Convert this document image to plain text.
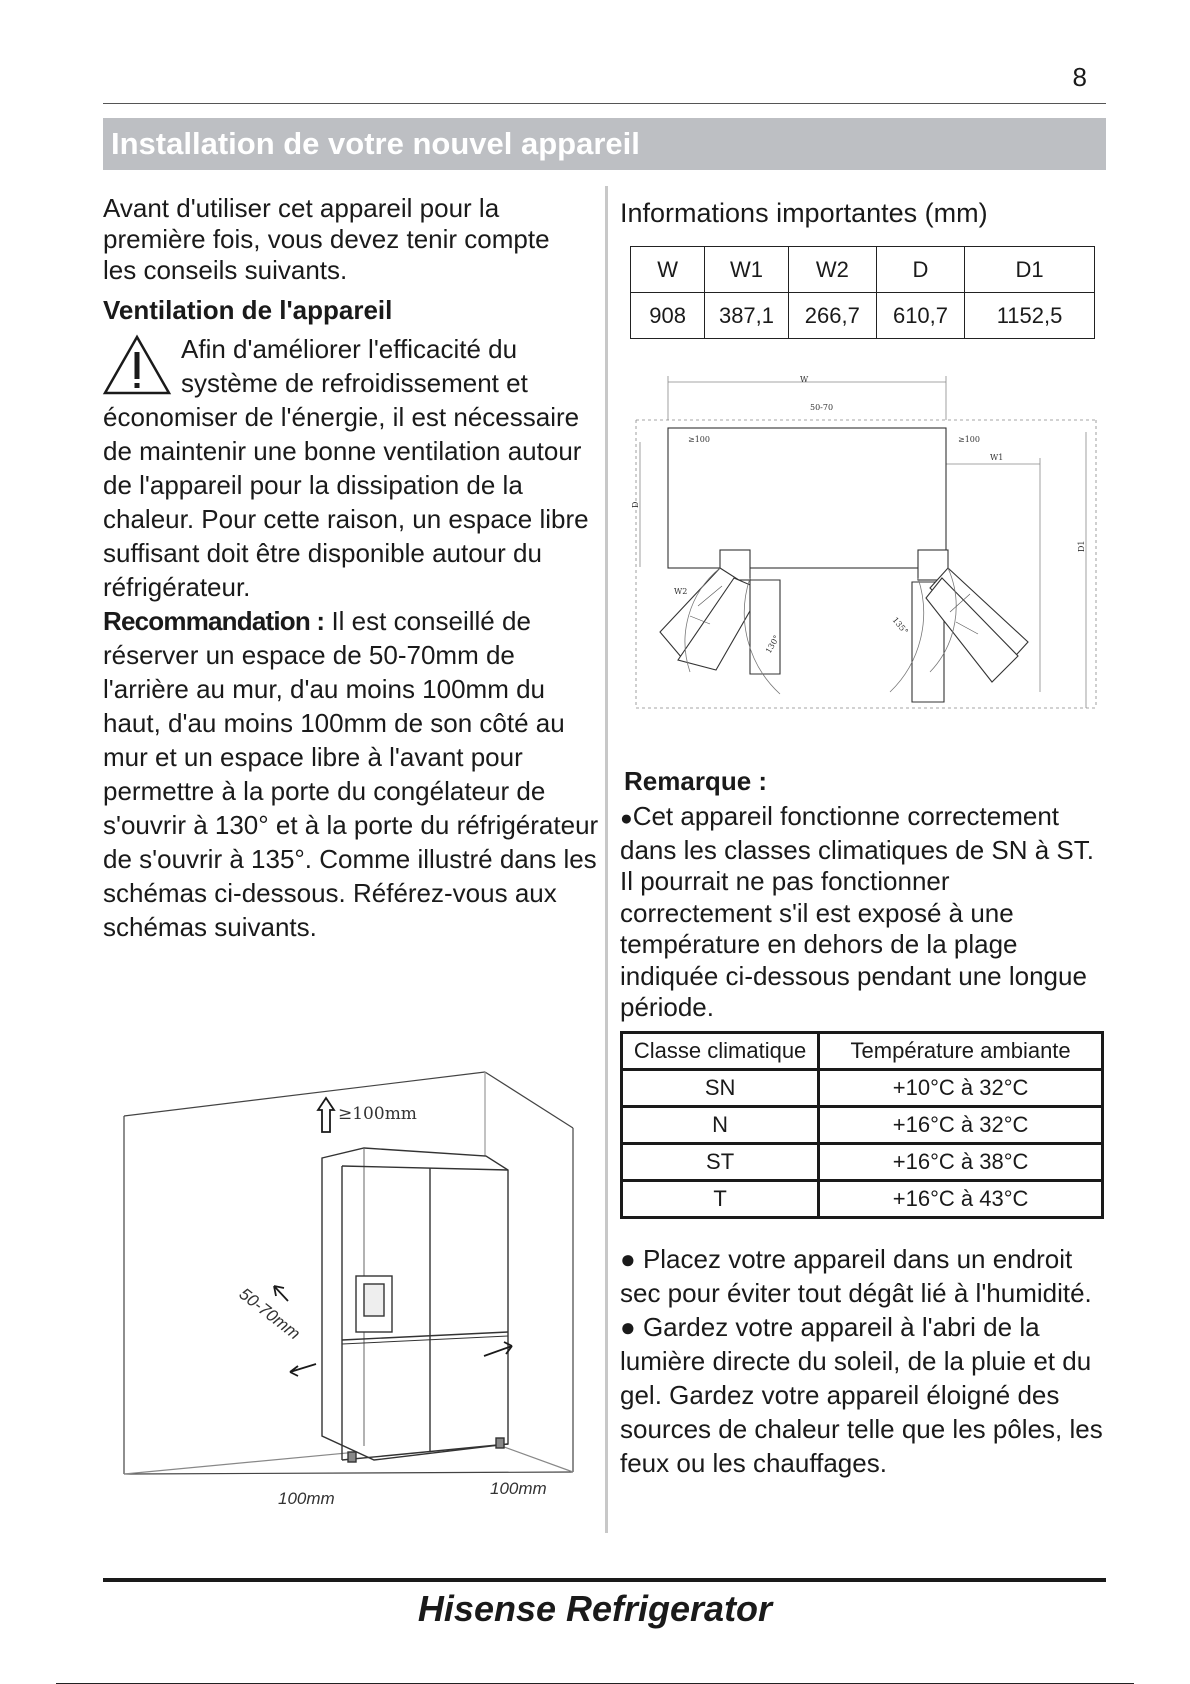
8
Installation de votre nouvel appareil
Avant d'utiliser cet appareil pour la première fois, vous devez tenir compte les conseils suivants.
Ventilation de l'appareil
Afin d'améliorer l'efficacité du système de refroidissement et
économiser de l'énergie, il est nécessaire de maintenir une bonne ventilation autour de l'appareil pour la dissipation de la chaleur. Pour cette raison, un espace libre suffisant doit être disponible autour du réfrigérateur.
Recommandation : Il est conseillé de réserver un espace de 50-70mm de l'arrière au mur, d'au moins 100mm du haut, d'au moins 100mm de son côté au mur et un espace libre à l'avant pour permettre à la porte du congélateur de s'ouvrir à 130° et à la porte du réfrigérateur de s'ouvrir à 135°. Comme illustré dans les schémas ci-dessous. Référez-vous aux schémas suivants.
≥100mm
50-70mm
100mm
100mm
Informations importantes (mm)
W	W1	W2	D	D1
908	387,1	266,7	610,7	1152,5
W
50-70
≥100	≥100
W1
W2
D
D1
130°
135°
Remarque :
●Cet appareil fonctionne correctement dans les classes climatiques de SN à ST. Il pourrait ne pas fonctionner correctement s'il est exposé à une température en dehors de la plage indiquée ci-dessous pendant une longue période.
Classe climatique	Température ambiante
SN	+10°C à 32°C
N	+16°C à 32°C
ST	+16°C à 38°C
T	+16°C à 43°C
● Placez votre appareil dans un endroit sec pour éviter tout dégât lié à l'humidité.
● Gardez votre appareil à l'abri de la lumière directe du soleil, de la pluie et du gel. Gardez votre appareil éloigné des sources de chaleur telle que les pôles, les feux ou les chauffages.
Hisense Refrigerator
